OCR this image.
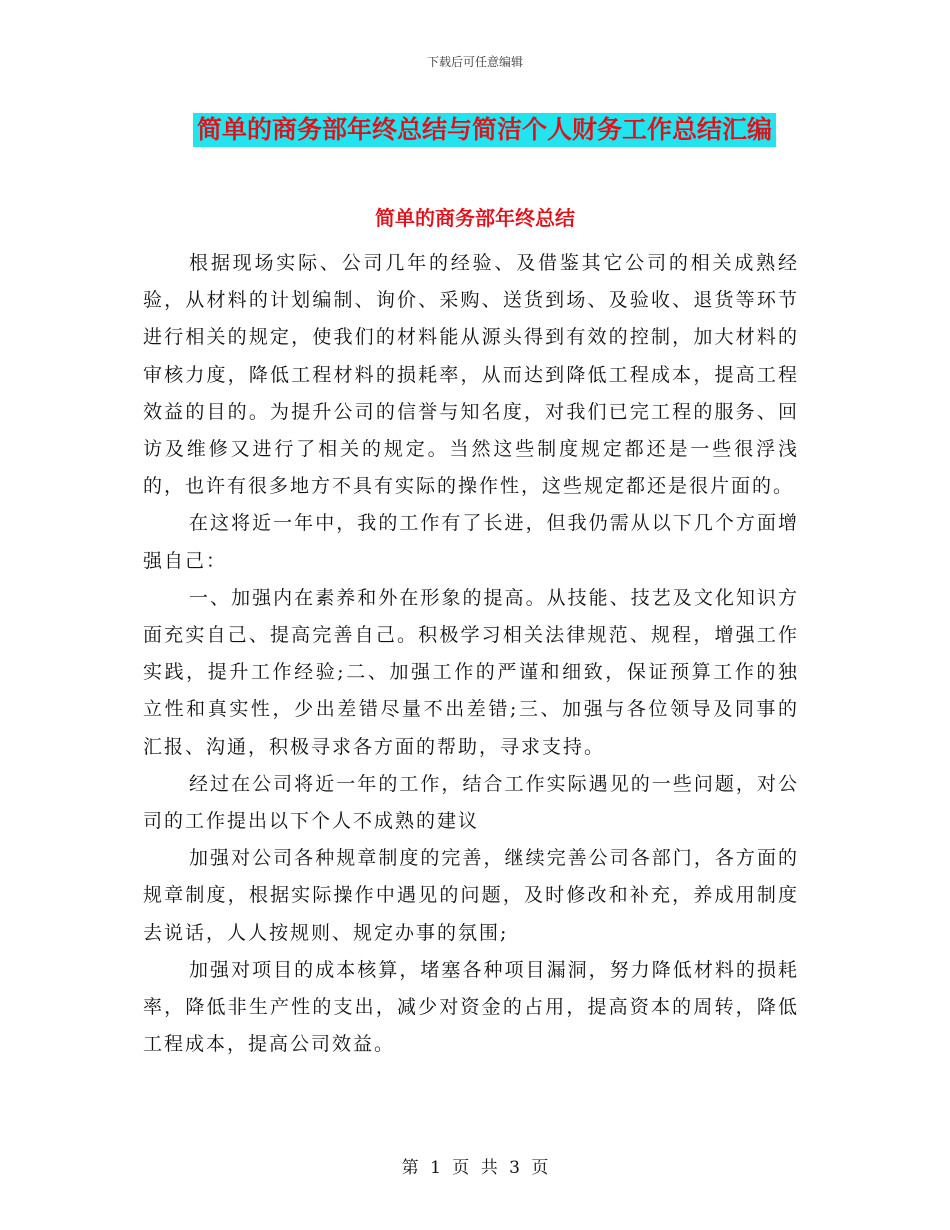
下载后可任意编辑
简单的商务部年终总结与简洁个人财务工作总结汇编
简单的商务部年终总结

根据现场实际、公司几年的经验、及借鉴其它公司的相关成熟经验，从材料的计划编制、询价、采购、送货到场、及验收、退货等环节进行相关的规定，使我们的材料能从源头得到有效的控制，加大材料的审核力度，降低工程材料的损耗率，从而达到降低工程成本，提高工程效益的目的。为提升公司的信誉与知名度，对我们已完工程的服务、回访及维修又进行了相关的规定。当然这些制度规定都还是一些很浮浅的，也许有很多地方不具有实际的操作性，这些规定都还是很片面的。

在这将近一年中，我的工作有了长进，但我仍需从以下几个方面增强自己：

一、加强内在素养和外在形象的提高。从技能、技艺及文化知识方面充实自己、提高完善自己。积极学习相关法律规范、规程，增强工作实践，提升工作经验;二、加强工作的严谨和细致，保证预算工作的独立性和真实性，少出差错尽量不出差错;三、加强与各位领导及同事的汇报、沟通，积极寻求各方面的帮助，寻求支持。

经过在公司将近一年的工作，结合工作实际遇见的一些问题，对公司的工作提出以下个人不成熟的建议

加强对公司各种规章制度的完善，继续完善公司各部门，各方面的规章制度，根据实际操作中遇见的问题，及时修改和补充，养成用制度去说话，人人按规则、规定办事的氛围;

加强对项目的成本核算，堵塞各种项目漏洞，努力降低材料的损耗率，降低非生产性的支出，减少对资金的占用，提高资本的周转，降低工程成本，提高公司效益。

第 1 页 共 3 页
